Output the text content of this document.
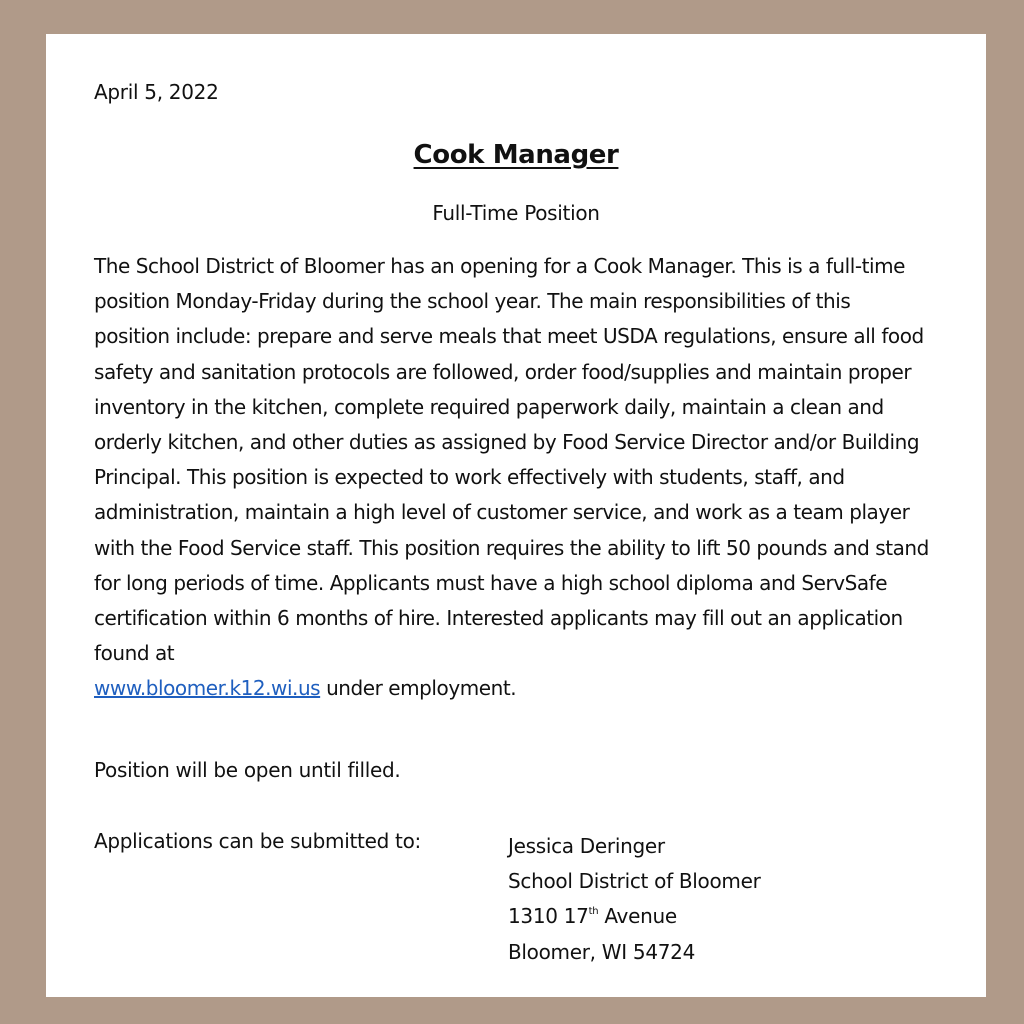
April 5, 2022
Cook Manager
Full-Time Position

The School District of Bloomer has an opening for a Cook Manager. This is a full-time position Monday-Friday during the school year. The main responsibilities of this position include: prepare and serve meals that meet USDA regulations, ensure all food safety and sanitation protocols are followed, order food/supplies and maintain proper inventory in the kitchen, complete required paperwork daily, maintain a clean and orderly kitchen, and other duties as assigned by Food Service Director and/or Building Principal. This position is expected to work effectively with students, staff, and administration, maintain a high level of customer service, and work as a team player with the Food Service staff. This position requires the ability to lift 50 pounds and stand for long periods of time. Applicants must have a high school diploma and ServSafe certification within 6 months of hire. Interested applicants may fill out an application found at
www.bloomer.k12.wi.us under employment.

Position will be open until filled.
Applications can be submitted to:	Jessica Deringer
School District of Bloomer
1310 17th Avenue
Bloomer, WI 54724
